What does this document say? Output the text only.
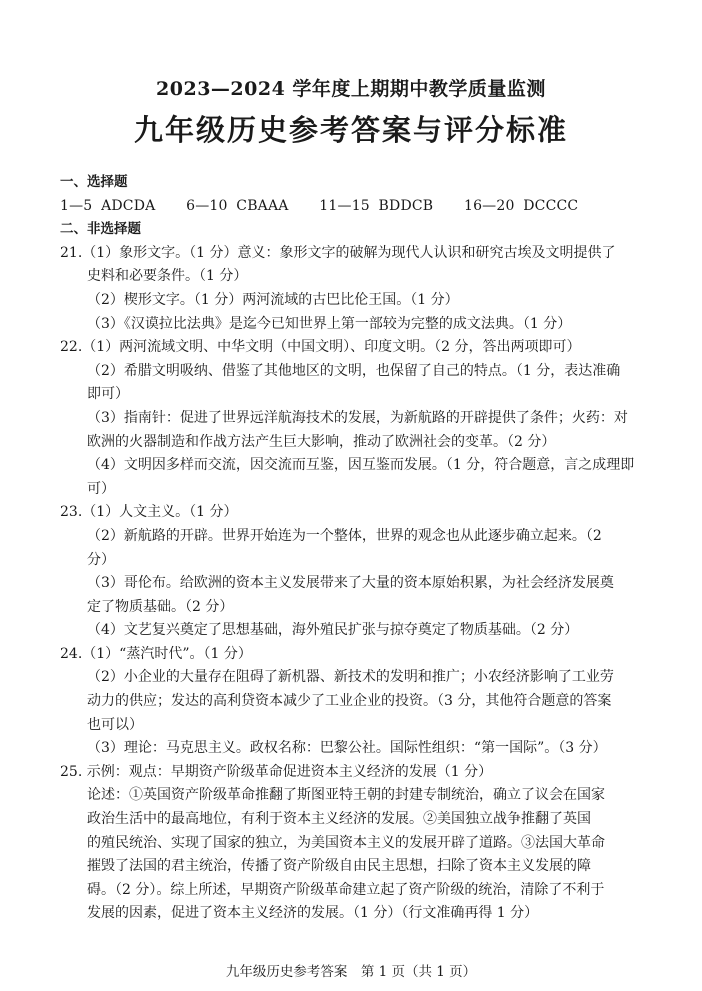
2023—2024 学年度上期期中教学质量监测
九年级历史参考答案与评分标准
一、选择题
1—5 ADCDA 6—10 CBAAA 11—15 BDDCB 16—20 DCCCC
二、非选择题
21.（1）象形文字。（1 分）意义：象形文字的破解为现代人认识和研究古埃及文明提供了
史料和必要条件。（1 分）
（2）楔形文字。（1 分）两河流域的古巴比伦王国。（1 分）
（3）《汉谟拉比法典》是迄今已知世界上第一部较为完整的成文法典。（1 分）
22.（1）两河流域文明、中华文明（中国文明）、印度文明。（2 分，答出两项即可）
（2）希腊文明吸纳、借鉴了其他地区的文明，也保留了自己的特点。（1 分，表达准确
即可）
（3）指南针：促进了世界远洋航海技术的发展，为新航路的开辟提供了条件；火药：对
欧洲的火器制造和作战方法产生巨大影响，推动了欧洲社会的变革。（2 分）
（4）文明因多样而交流，因交流而互鉴，因互鉴而发展。（1 分，符合题意，言之成理即
可）
23.（1）人文主义。（1 分）
（2）新航路的开辟。世界开始连为一个整体，世界的观念也从此逐步确立起来。（2
分）
（3）哥伦布。给欧洲的资本主义发展带来了大量的资本原始积累，为社会经济发展奠
定了物质基础。（2 分）
（4）文艺复兴奠定了思想基础，海外殖民扩张与掠夺奠定了物质基础。（2 分）
24.（1）“蒸汽时代”。（1 分）
（2）小企业的大量存在阻碍了新机器、新技术的发明和推广；小农经济影响了工业劳
动力的供应；发达的高利贷资本减少了工业企业的投资。（3 分，其他符合题意的答案
也可以）
（3）理论：马克思主义。政权名称：巴黎公社。国际性组织：“第一国际”。（3 分）
25. 示例：观点：早期资产阶级革命促进资本主义经济的发展（1 分）
论述：①英国资产阶级革命推翻了斯图亚特王朝的封建专制统治，确立了议会在国家
政治生活中的最高地位，有利于资本主义经济的发展。②美国独立战争推翻了英国
的殖民统治、实现了国家的独立，为美国资本主义的发展开辟了道路。③法国大革命
摧毁了法国的君主统治，传播了资产阶级自由民主思想，扫除了资本主义发展的障
碍。（2 分）。综上所述，早期资产阶级革命建立起了资产阶级的统治，清除了不利于
发展的因素，促进了资本主义经济的发展。（1 分）（行文准确再得 1 分）
九年级历史参考答案　第 1 页（共 1 页）
